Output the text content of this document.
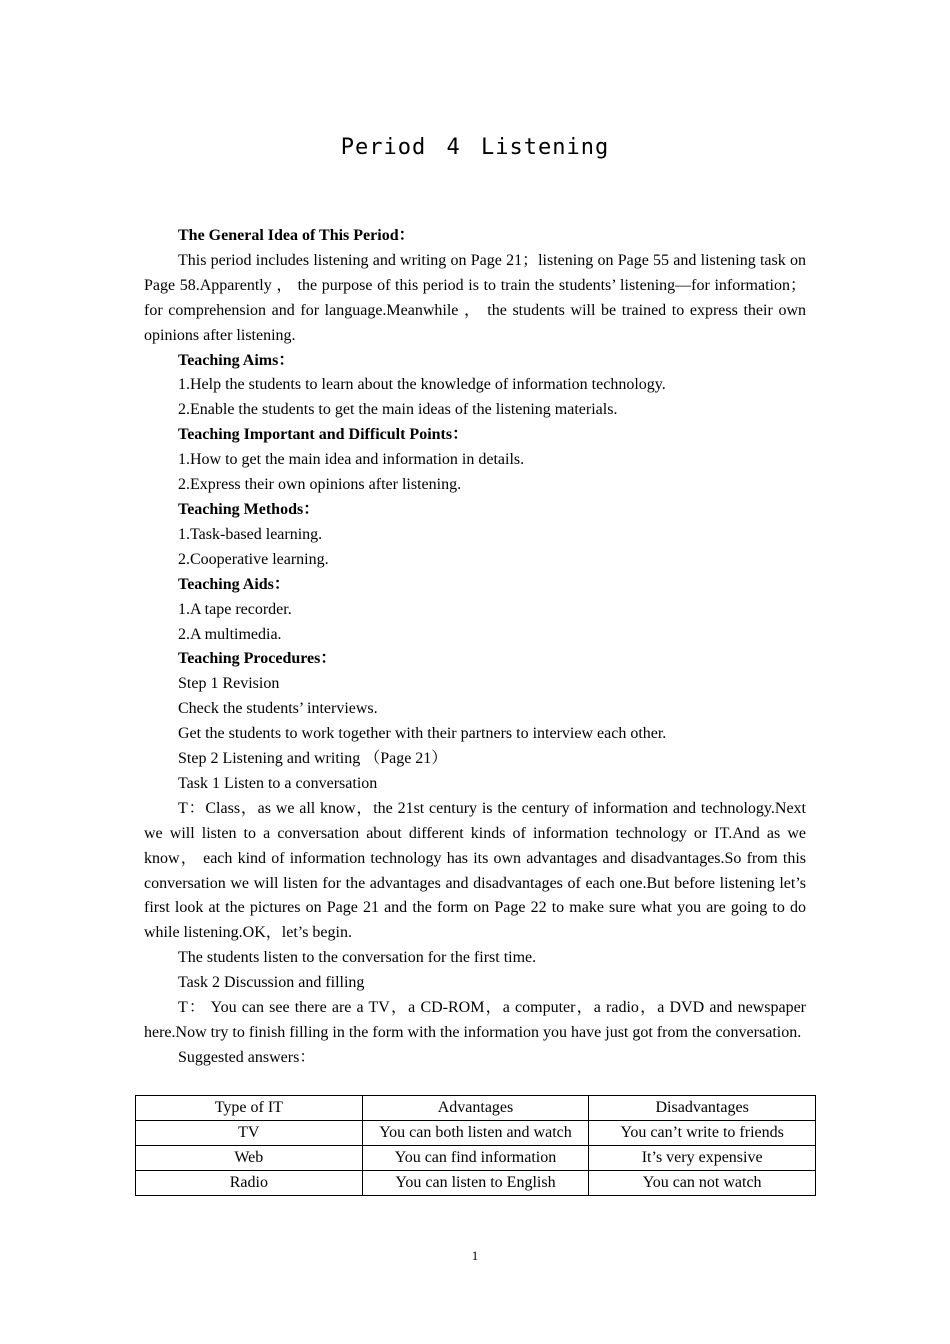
Period 4 Listening

The General Idea of This Period：

This period includes listening and writing on Page 21；listening on Page 55 and listening task on Page 58.Apparently ， the purpose of this period is to train the students’ listening—for information； for comprehension and for language.Meanwhile ， the students will be trained to express their own opinions after listening.

Teaching Aims：

1.Help the students to learn about the knowledge of information technology.

2.Enable the students to get the main ideas of the listening materials.

Teaching Important and Difficult Points：

1.How to get the main idea and information in details.

2.Express their own opinions after listening.

Teaching Methods：

1.Task-based learning.

2.Cooperative learning.

Teaching Aids：

1.A tape recorder.

2.A multimedia.

Teaching Procedures：

Step 1 Revision

Check the students’ interviews.

Get the students to work together with their partners to interview each other.

Step 2 Listening and writing （Page 21）

Task 1 Listen to a conversation

T：Class，as we all know，the 21st century is the century of information and technology.Next we will listen to a conversation about different kinds of information technology or IT.And as we know， each kind of information technology has its own advantages and disadvantages.So from this conversation we will listen for the advantages and disadvantages of each one.But before listening let’s first look at the pictures on Page 21 and the form on Page 22 to make sure what you are going to do while listening.OK，let’s begin.

The students listen to the conversation for the first time.

Task 2 Discussion and filling

T： You can see there are a TV，a CD-ROM，a computer，a radio，a DVD and newspaper here.Now try to finish filling in the form with the information you have just got from the conversation.

Suggested answers：

Type of IT	Advantages	Disadvantages
TV	You can both listen and watch	You can’t write to friends
Web	You can find information	It’s very expensive
Radio	You can listen to English	You can not watch
1
